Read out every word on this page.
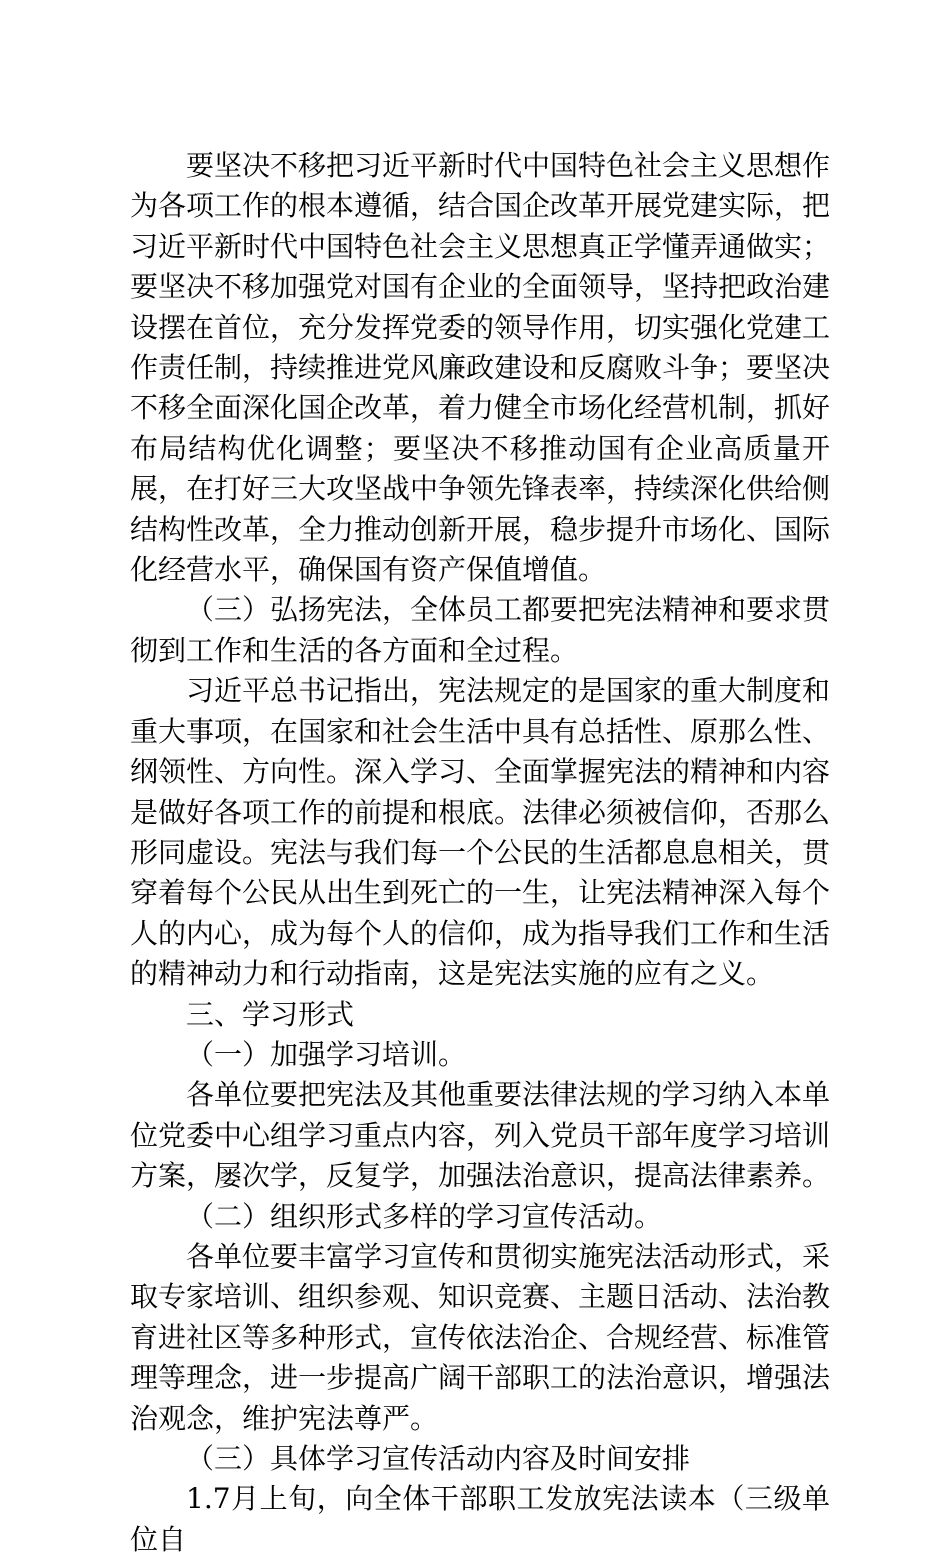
要坚决不移把习近平新时代中国特色社会主义思想作为各项工作的根本遵循，结合国企改革开展党建实际，把习近平新时代中国特色社会主义思想真正学懂弄通做实；要坚决不移加强党对国有企业的全面领导，坚持把政治建设摆在首位，充分发挥党委的领导作用，切实强化党建工作责任制，持续推进党风廉政建设和反腐败斗争；要坚决不移全面深化国企改革，着力健全市场化经营机制，抓好布局结构优化调整；要坚决不移推动国有企业高质量开展，在打好三大攻坚战中争领先锋表率，持续深化供给侧结构性改革，全力推动创新开展，稳步提升市场化、国际化经营水平，确保国有资产保值增值。

（三）弘扬宪法，全体员工都要把宪法精神和要求贯彻到工作和生活的各方面和全过程。

习近平总书记指出，宪法规定的是国家的重大制度和重大事项，在国家和社会生活中具有总括性、原那么性、纲领性、方向性。深入学习、全面掌握宪法的精神和内容是做好各项工作的前提和根底。法律必须被信仰，否那么形同虚设。宪法与我们每一个公民的生活都息息相关，贯穿着每个公民从出生到死亡的一生，让宪法精神深入每个人的内心，成为每个人的信仰，成为指导我们工作和生活的精神动力和行动指南，这是宪法实施的应有之义。

三、学习形式

（一）加强学习培训。

各单位要把宪法及其他重要法律法规的学习纳入本单位党委中心组学习重点内容，列入党员干部年度学习培训方案，屡次学，反复学，加强法治意识，提高法律素养。

（二）组织形式多样的学习宣传活动。

各单位要丰富学习宣传和贯彻实施宪法活动形式，采取专家培训、组织参观、知识竞赛、主题日活动、法治教育进社区等多种形式，宣传依法治企、合规经营、标准管理等理念，进一步提高广阔干部职工的法治意识，增强法治观念，维护宪法尊严。

（三）具体学习宣传活动内容及时间安排

1.7月上旬，向全体干部职工发放宪法读本（三级单位自
